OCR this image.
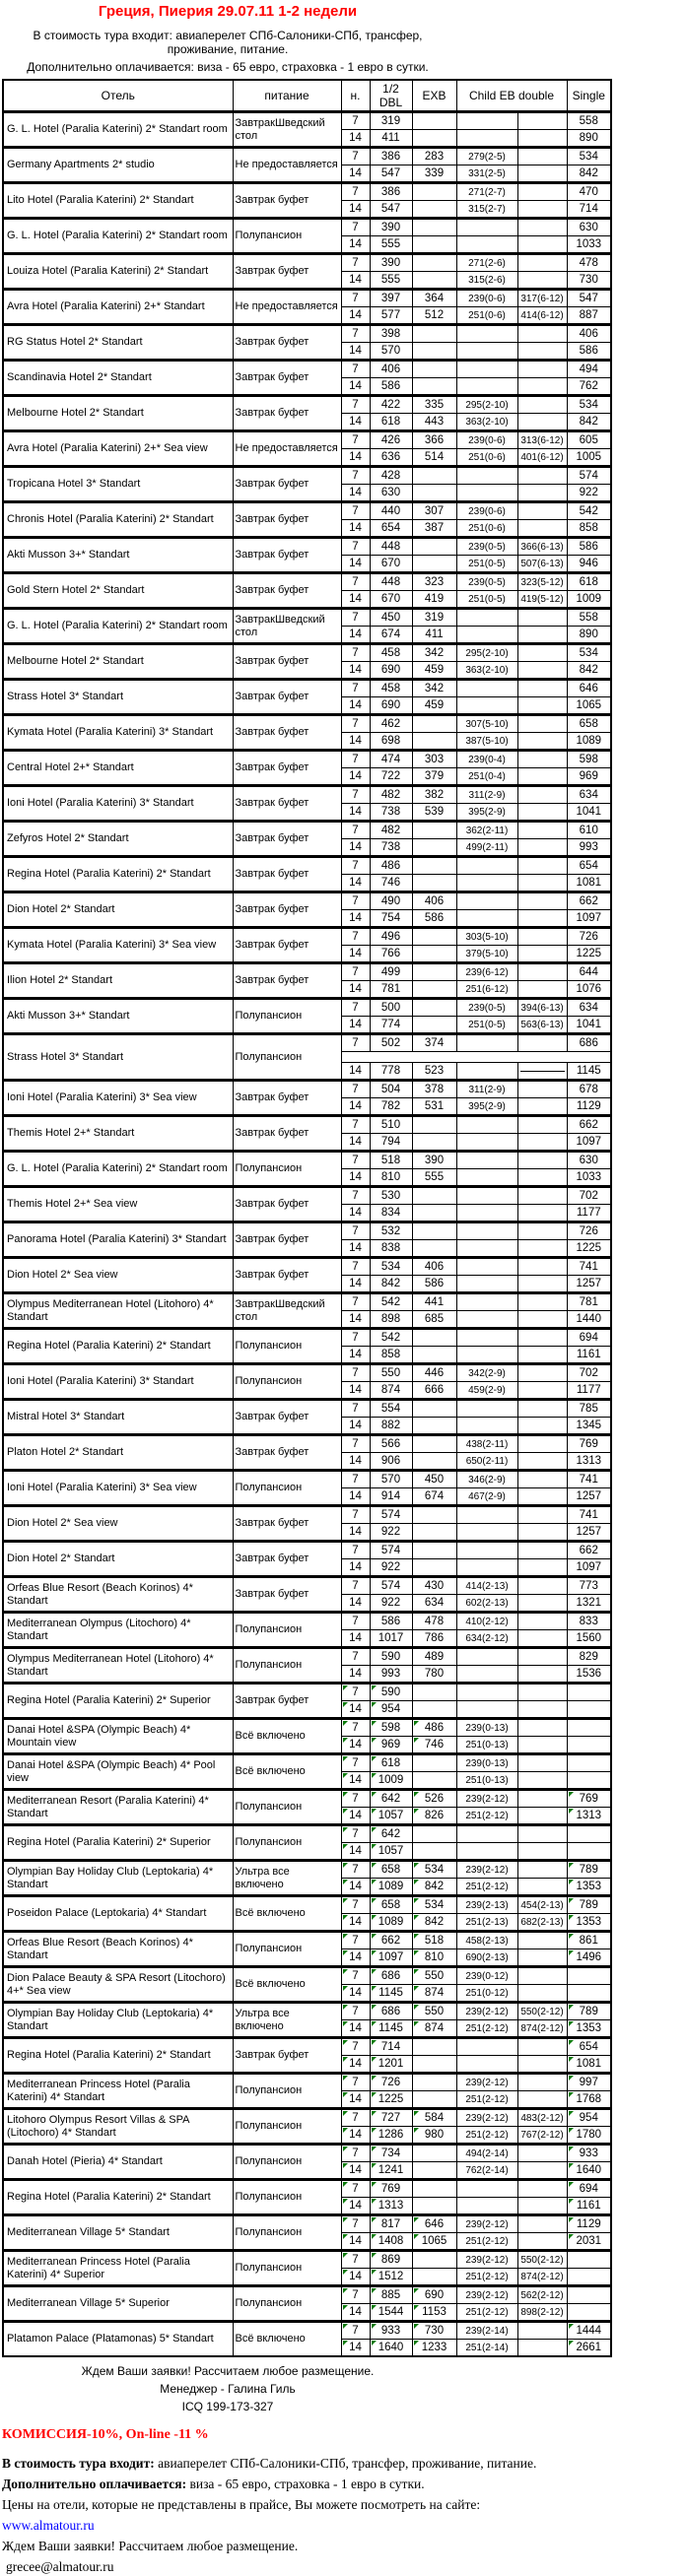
Греция, Пиерия 29.07.11 1-2 недели
В стоимость тура входит: авиаперелет СПб-Салоники-СПб, трансфер, проживание, питание.
Дополнительно оплачивается: виза - 65 евро, страховка - 1 евро в сутки.
Отель	питание	н.	1/2 DBL	EXB	Child EB double		Single
G. L. Hotel (Paralia Katerini) 2* Standart room	ЗавтракШведский стол	7	319				558
		14	411				890
Germany Apartments 2* studio	Не предоставляется	7	386	283	279(2-5)		534
		14	547	339	331(2-5)		842
Lito Hotel (Paralia Katerini) 2* Standart	Завтрак буфет	7	386		271(2-7)		470
		14	547		315(2-7)		714
G. L. Hotel (Paralia Katerini) 2* Standart room	Полупансион	7	390				630
		14	555				1033
Louiza Hotel (Paralia Katerini) 2* Standart	Завтрак буфет	7	390		271(2-6)		478
		14	555		315(2-6)		730
Avra Hotel (Paralia Katerini) 2+* Standart	Не предоставляется	7	397	364	239(0-6)	317(6-12)	547
		14	577	512	251(0-6)	414(6-12)	887
RG Status Hotel 2* Standart	Завтрак буфет	7	398				406
		14	570				586
Scandinavia Hotel 2* Standart	Завтрак буфет	7	406				494
		14	586				762
Melbourne Hotel 2* Standart	Завтрак буфет	7	422	335	295(2-10)		534
		14	618	443	363(2-10)		842
Avra Hotel (Paralia Katerini) 2+* Sea view	Не предоставляется	7	426	366	239(0-6)	313(6-12)	605
		14	636	514	251(0-6)	401(6-12)	1005
Tropicana Hotel 3* Standart	Завтрак буфет	7	428				574
		14	630				922
Chronis Hotel (Paralia Katerini) 2* Standart	Завтрак буфет	7	440	307	239(0-6)		542
		14	654	387	251(0-6)		858
Akti Musson 3+* Standart	Завтрак буфет	7	448		239(0-5)	366(6-13)	586
		14	670		251(0-5)	507(6-13)	946
Gold Stern Hotel 2* Standart	Завтрак буфет	7	448	323	239(0-5)	323(5-12)	618
		14	670	419	251(0-5)	419(5-12)	1009
G. L. Hotel (Paralia Katerini) 2* Standart room	ЗавтракШведский стол	7	450	319			558
		14	674	411			890
Melbourne Hotel 2* Standart	Завтрак буфет	7	458	342	295(2-10)		534
		14	690	459	363(2-10)		842
Strass Hotel 3* Standart	Завтрак буфет	7	458	342			646
		14	690	459			1065
Kymata Hotel (Paralia Katerini) 3* Standart	Завтрак буфет	7	462		307(5-10)		658
		14	698		387(5-10)		1089
Central Hotel 2+* Standart	Завтрак буфет	7	474	303	239(0-4)		598
		14	722	379	251(0-4)		969
Ioni Hotel (Paralia Katerini) 3* Standart	Завтрак буфет	7	482	382	311(2-9)		634
		14	738	539	395(2-9)		1041
Zefyros Hotel 2* Standart	Завтрак буфет	7	482		362(2-11)		610
		14	738		499(2-11)		993
Regina Hotel (Paralia Katerini) 2* Standart	Завтрак буфет	7	486				654
		14	746				1081
Dion Hotel 2* Standart	Завтрак буфет	7	490	406			662
		14	754	586			1097
Kymata Hotel (Paralia Katerini) 3* Sea view	Завтрак буфет	7	496		303(5-10)		726
		14	766		379(5-10)		1225
Ilion Hotel 2* Standart	Завтрак буфет	7	499		239(6-12)		644
		14	781		251(6-12)		1076
Akti Musson 3+* Standart	Полупансион	7	500		239(0-5)	394(6-13)	634
		14	774		251(0-5)	563(6-13)	1041
Strass Hotel 3* Standart	Полупансион	7	502	374			686

		14	778	523			1145
Ioni Hotel (Paralia Katerini) 3* Sea view	Завтрак буфет	7	504	378	311(2-9)		678
		14	782	531	395(2-9)		1129
Themis Hotel 2+* Standart	Завтрак буфет	7	510				662
		14	794				1097
G. L. Hotel (Paralia Katerini) 2* Standart room	Полупансион	7	518	390			630
		14	810	555			1033
Themis Hotel 2+* Sea view	Завтрак буфет	7	530				702
		14	834				1177
Panorama Hotel (Paralia Katerini) 3* Standart	Завтрак буфет	7	532				726
		14	838				1225
Dion Hotel 2* Sea view	Завтрак буфет	7	534	406			741
		14	842	586			1257
Olympus Mediterranean Hotel (Litohoro) 4* Standart	ЗавтракШведский стол	7	542	441			781
		14	898	685			1440
Regina Hotel (Paralia Katerini) 2* Standart	Полупансион	7	542				694
		14	858				1161
Ioni Hotel (Paralia Katerini) 3* Standart	Полупансион	7	550	446	342(2-9)		702
		14	874	666	459(2-9)		1177
Mistral Hotel 3* Standart	Завтрак буфет	7	554				785
		14	882				1345
Platon Hotel 2* Standart	Завтрак буфет	7	566		438(2-11)		769
		14	906		650(2-11)		1313
Ioni Hotel (Paralia Katerini) 3* Sea view	Полупансион	7	570	450	346(2-9)		741
		14	914	674	467(2-9)		1257
Dion Hotel 2* Sea view	Завтрак буфет	7	574				741
		14	922				1257
Dion Hotel 2* Standart	Завтрак буфет	7	574				662
		14	922				1097
Orfeas Blue Resort (Beach Korinos) 4* Standart	Завтрак буфет	7	574	430	414(2-13)		773
		14	922	634	602(2-13)		1321
Mediterranean Olympus (Litochoro) 4* Standart	Полупансион	7	586	478	410(2-12)		833
		14	1017	786	634(2-12)		1560
Olympus Mediterranean Hotel (Litohoro) 4* Standart	Полупансион	7	590	489			829
		14	993	780			1536
Regina Hotel (Paralia Katerini) 2* Superior	Завтрак буфет	7	590				
		14	954				
Danai Hotel &SPA (Olympic Beach) 4* Mountain view	Всё включено	7	598	486	239(0-13)		
		14	969	746	251(0-13)		
Danai Hotel &SPA (Olympic Beach) 4* Pool view	Всё включено	7	618		239(0-13)		
		14	1009		251(0-13)		
Mediterranean Resort (Paralia Katerini) 4* Standart	Полупансион	7	642	526	239(2-12)		769
		14	1057	826	251(2-12)		1313
Regina Hotel (Paralia Katerini) 2* Superior	Полупансион	7	642				
		14	1057				
Olympian Bay Holiday Club (Leptokaria) 4* Standart	Ультра все включено	7	658	534	239(2-12)		789
		14	1089	842	251(2-12)		1353
Poseidon Palace (Leptokaria) 4* Standart	Всё включено	7	658	534	239(2-13)	454(2-13)	789
		14	1089	842	251(2-13)	682(2-13)	1353
Orfeas Blue Resort (Beach Korinos) 4* Standart	Полупансион	7	662	518	458(2-13)		861
		14	1097	810	690(2-13)		1496
Dion Palace Beauty & SPA Resort (Litochoro) 4+* Sea view	Всё включено	7	686	550	239(0-12)		
		14	1145	874	251(0-12)		
Olympian Bay Holiday Club (Leptokaria) 4* Standart	Ультра все включено	7	686	550	239(2-12)	550(2-12)	789
		14	1145	874	251(2-12)	874(2-12)	1353
Regina Hotel (Paralia Katerini) 2* Standart	Завтрак буфет	7	714				654
		14	1201				1081
Mediterranean Princess Hotel (Paralia Katerini) 4* Standart	Полупансион	7	726		239(2-12)		997
		14	1225		251(2-12)		1768
Litohoro Olympus Resort Villas & SPA (Litochoro) 4* Standart	Полупансион	7	727	584	239(2-12)	483(2-12)	954
		14	1286	980	251(2-12)	767(2-12)	1780
Danah Hotel (Pieria) 4* Standart	Полупансион	7	734		494(2-14)		933
		14	1241		762(2-14)		1640
Regina Hotel (Paralia Katerini) 2* Standart	Полупансион	7	769				694
		14	1313				1161
Mediterranean Village 5* Standart	Полупансион	7	817	646	239(2-12)		1129
		14	1408	1065	251(2-12)		2031
Mediterranean Princess Hotel (Paralia Katerini) 4* Superior	Полупансион	7	869		239(2-12)	550(2-12)	
		14	1512		251(2-12)	874(2-12)	
Mediterranean Village 5* Superior	Полупансион	7	885	690	239(2-12)	562(2-12)	
		14	1544	1153	251(2-12)	898(2-12)	
Platamon Palace (Platamonas) 5* Standart	Всё включено	7	933	730	239(2-14)		1444
		14	1640	1233	251(2-14)		2661
Ждем Ваши заявки! Рассчитаем любое размещение.
Менеджер - Галина Гиль
ICQ 199-173-327
КОМИССИЯ-10%, On-line -11 %
В стоимость тура входит: авиаперелет СПб-Салоники-СПб, трансфер, проживание, питание.
Дополнительно оплачивается: виза - 65 евро, страховка - 1 евро в сутки.
Цены на отели, которые не представлены в прайсе, Вы можете посмотреть на сайте:
www.almatour.ru
Ждем Ваши заявки! Рассчитаем любое размещение.
grecee@almatour.ru
